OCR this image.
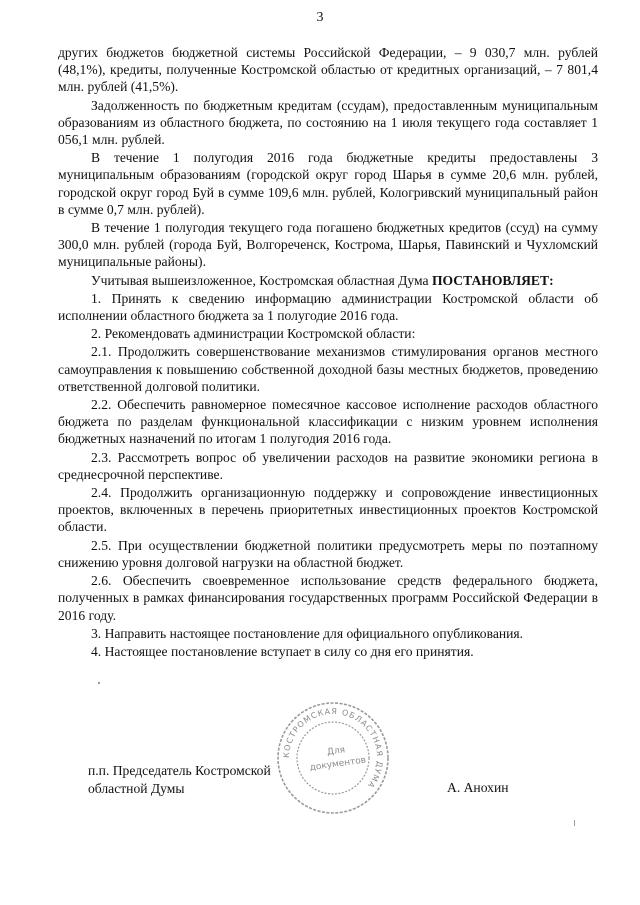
3

других бюджетов бюджетной системы Российской Федерации, – 9 030,7 млн. рублей (48,1%), кредиты, полученные Костромской областью от кредитных организаций, – 7 801,4 млн. рублей (41,5%).

Задолженность по бюджетным кредитам (ссудам), предоставленным муниципальным образованиям из областного бюджета, по состоянию на 1 июля текущего года составляет 1 056,1 млн. рублей.

В течение 1 полугодия 2016 года бюджетные кредиты предоставлены 3 муниципальным образованиям (городской округ город Шарья в сумме 20,6 млн. рублей, городской округ город Буй в сумме 109,6 млн. рублей, Кологривский муниципальный район в сумме 0,7 млн. рублей).

В течение 1 полугодия текущего года погашено бюджетных кредитов (ссуд) на сумму 300,0 млн. рублей (города Буй, Волгореченск, Кострома, Шарья, Павинский и Чухломский муниципальные районы).

Учитывая вышеизложенное, Костромская областная Дума ПОСТАНОВЛЯЕТ:

1. Принять к сведению информацию администрации Костромской области об исполнении областного бюджета за 1 полугодие 2016 года.

2. Рекомендовать администрации Костромской области:

2.1. Продолжить совершенствование механизмов стимулирования органов местного самоуправления к повышению собственной доходной базы местных бюджетов, проведению ответственной долговой политики.

2.2. Обеспечить равномерное помесячное кассовое исполнение расходов областного бюджета по разделам функциональной классификации с низким уровнем исполнения бюджетных назначений по итогам 1 полугодия 2016 года.

2.3. Рассмотреть вопрос об увеличении расходов на развитие экономики региона в среднесрочной перспективе.

2.4. Продолжить организационную поддержку и сопровождение инвестиционных проектов, включенных в перечень приоритетных инвестиционных проектов Костромской области.

2.5. При осуществлении бюджетной политики предусмотреть меры по поэтапному снижению уровня долговой нагрузки на областной бюджет.

2.6. Обеспечить своевременное использование средств федерального бюджета, полученных в рамках финансирования государственных программ Российской Федерации в 2016 году.

3. Направить настоящее постановление для официального опубликования.

4. Настоящее постановление вступает в силу со дня его принятия.

КОСТРОМСКАЯ ОБЛАСТНАЯ ДУМА
Для
документов
п.п. Председатель Костромской
областной Думы	А. Анохин
